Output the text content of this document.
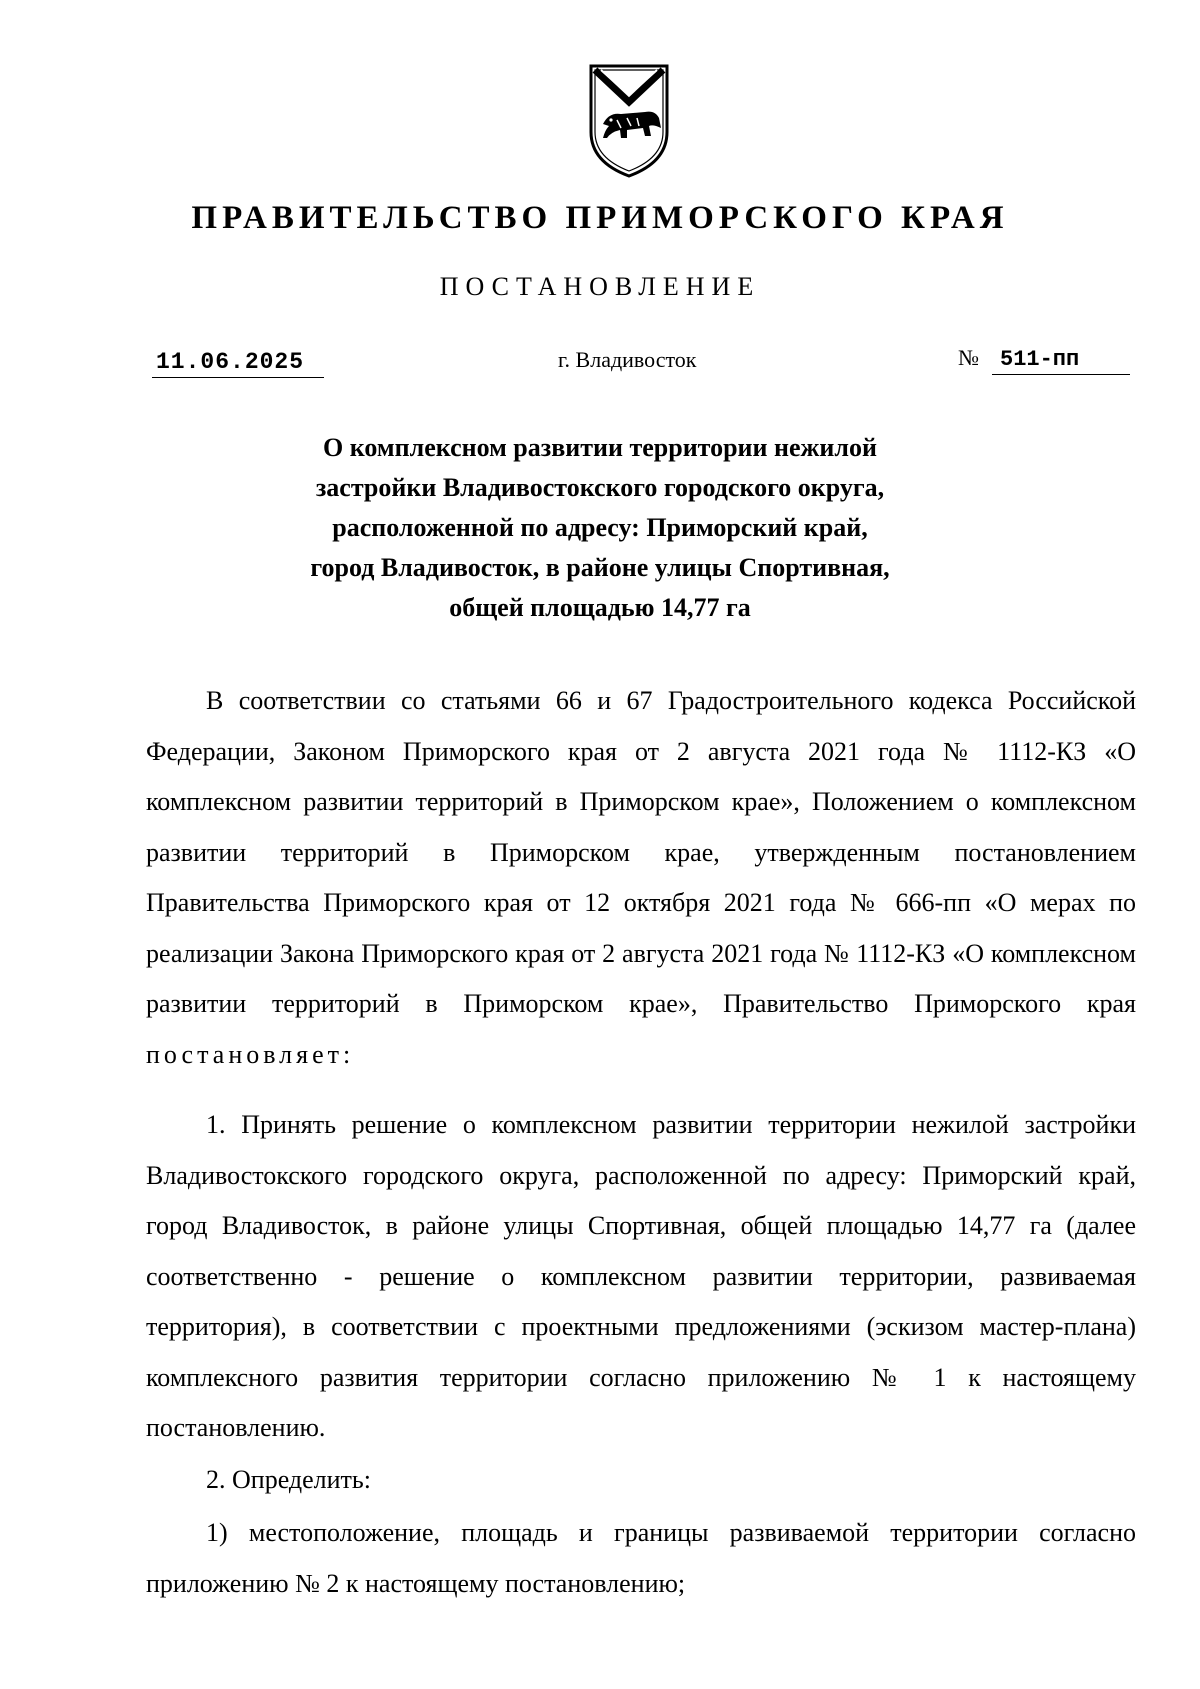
ПРАВИТЕЛЬСТВО ПРИМОРСКОГО КРАЯ
ПОСТАНОВЛЕНИЕ
11.06.2025	г. Владивосток	№ 511-пп
О комплексном развитии территории нежилой
застройки Владивостокского городского округа,
расположенной по адресу: Приморский край,
город Владивосток, в районе улицы Спортивная,
общей площадью 14,77 га

В соответствии со статьями 66 и 67 Градостроительного кодекса Российской Федерации, Законом Приморского края от 2 августа 2021 года № 1112-КЗ «О комплексном развитии территорий в Приморском крае», Положением о комплексном развитии территорий в Приморском крае, утвержденным постановлением Правительства Приморского края от 12 октября 2021 года № 666-пп «О мерах по реализации Закона Приморского края от 2 августа 2021 года № 1112-КЗ «О комплексном развитии территорий в Приморском крае», Правительство Приморского края постановляет:

1. Принять решение о комплексном развитии территории нежилой застройки Владивостокского городского округа, расположенной по адресу: Приморский край, город Владивосток, в районе улицы Спортивная, общей площадью 14,77 га (далее соответственно - решение о комплексном развитии территории, развиваемая территория), в соответствии с проектными предложениями (эскизом мастер-плана) комплексного развития территории согласно приложению № 1 к настоящему постановлению.

2. Определить:

1) местоположение, площадь и границы развиваемой территории согласно приложению № 2 к настоящему постановлению;
